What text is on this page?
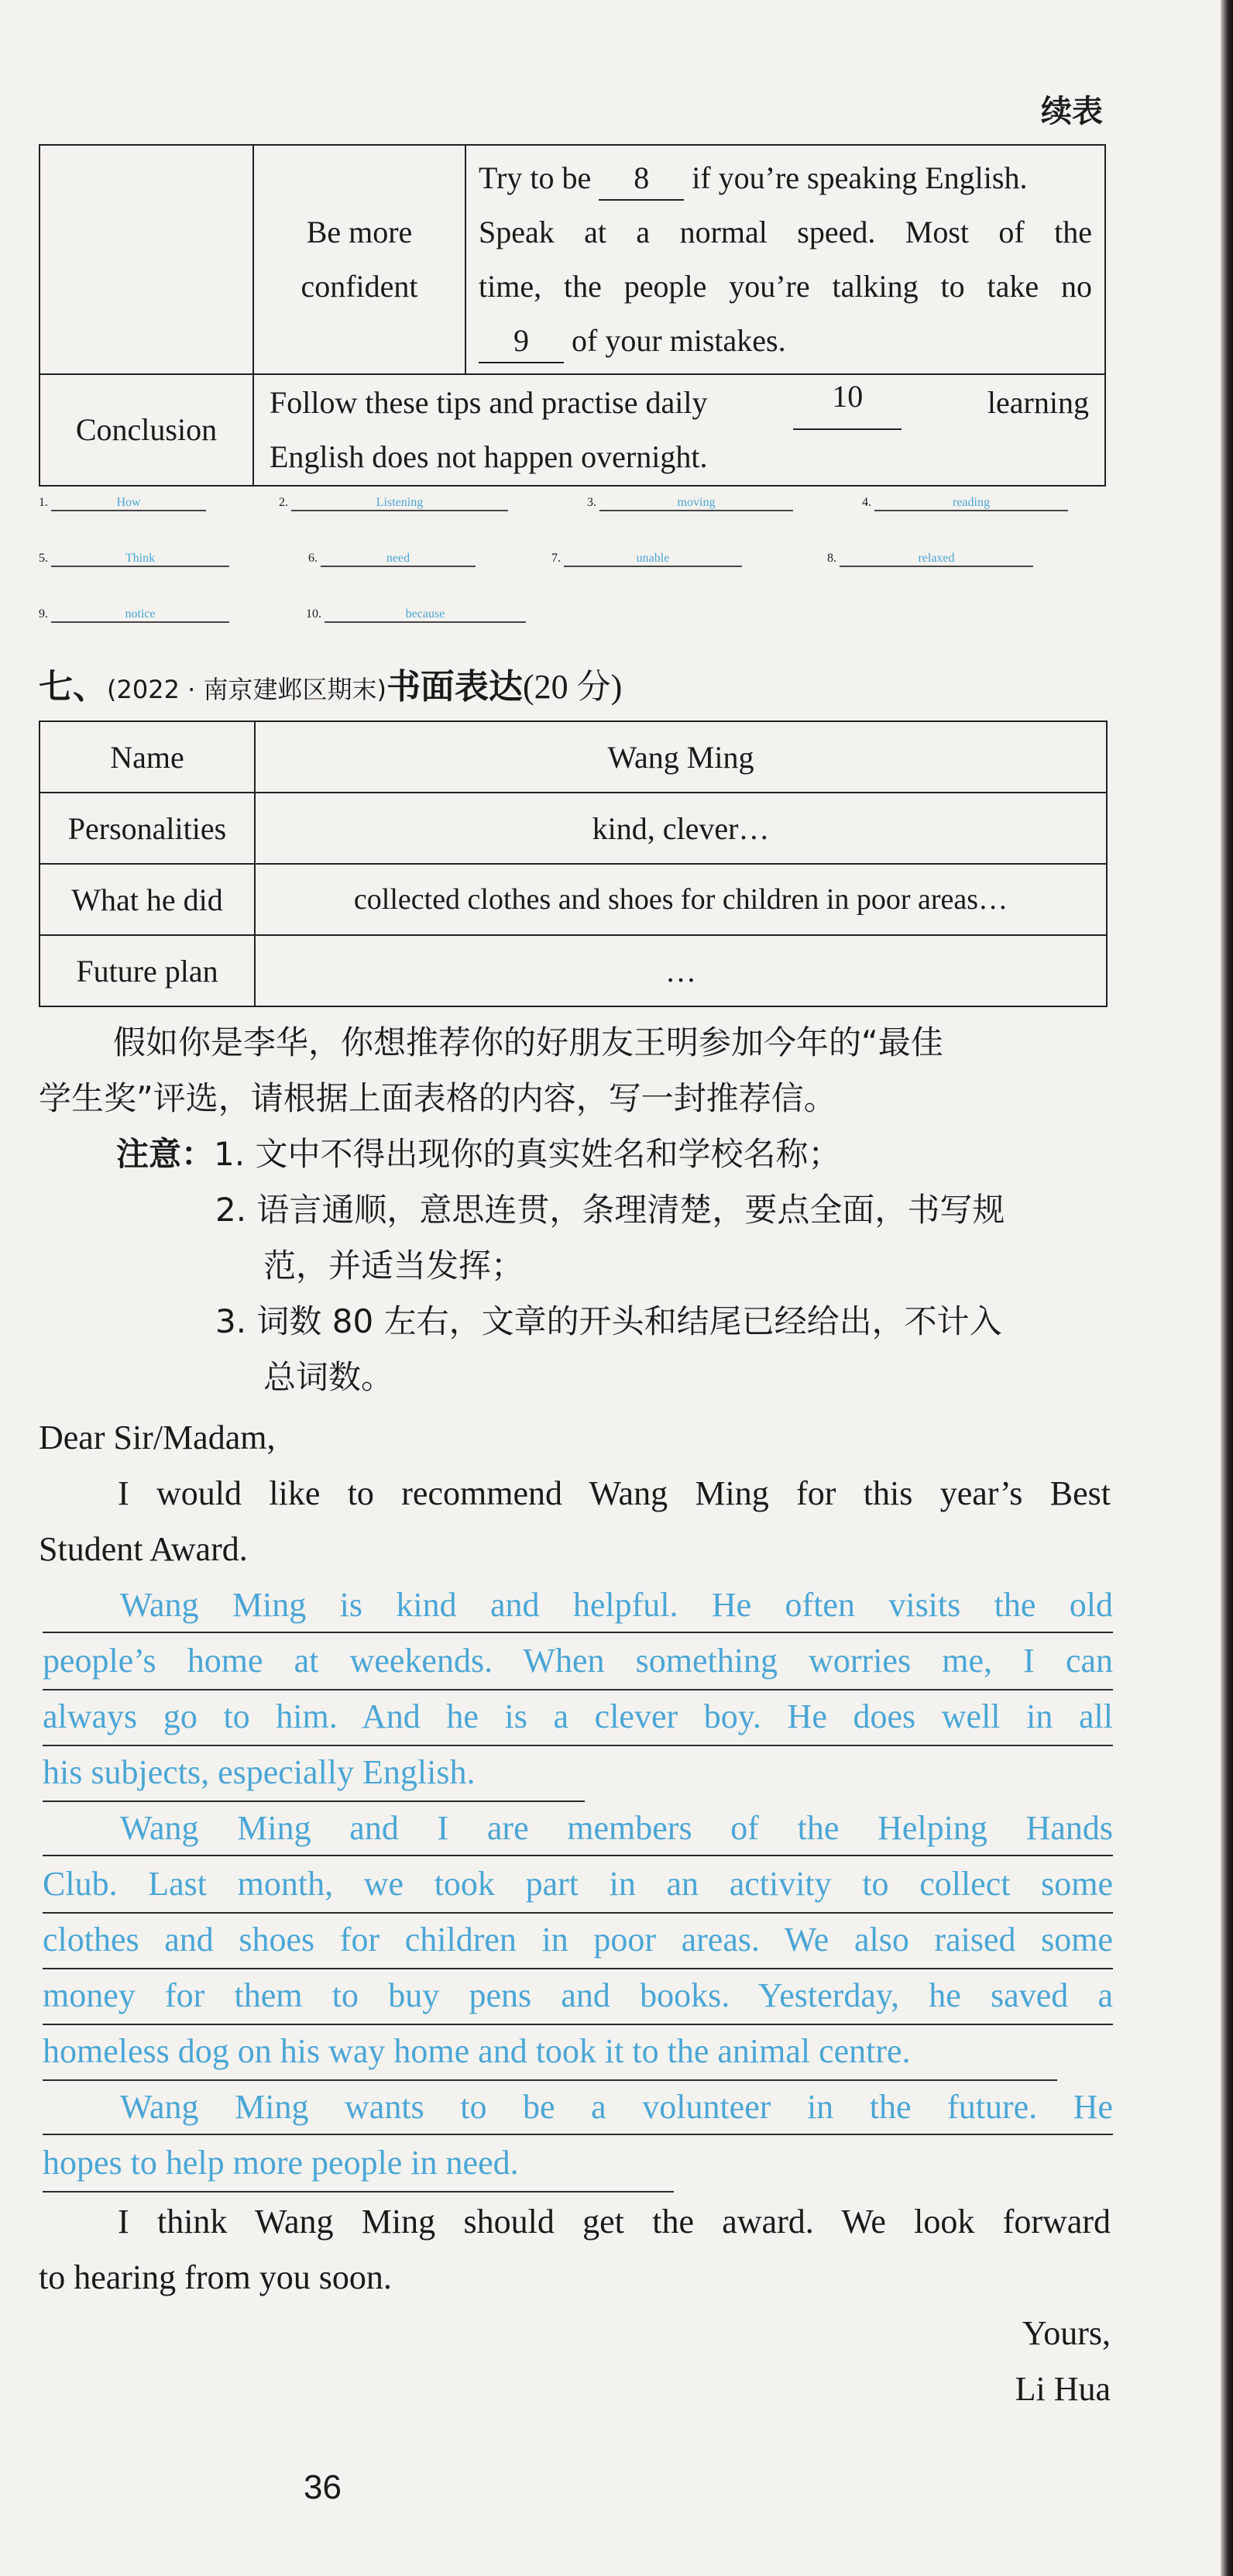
续表

	Be more confident	Try to be 8 if you’re speaking English.
Speak at a normal speed. Most of the
time, the people you’re talking to take no
9 of your mistakes.

Conclusion	Follow these tips and practise daily 10 learning
English does not happen overnight.	
1.	How	2.	Listening	3.	moving	4.	reading
5.	Think	6.	need	7.	unable	8.	relaxed
9.	notice	10.	because
七、(2022 · 南京建邺区期末)书面表达(20 分)
Name	Wang Ming
Personalities	kind, clever…
What he did	collected clothes and shoes for children in poor areas…
Future plan	…
假如你是李华，你想推荐你的好朋友王明参加今年的“最佳
学生奖”评选，请根据上面表格的内容，写一封推荐信。
注意：1. 文中不得出现你的真实姓名和学校名称；
2. 语言通顺，意思连贯，条理清楚，要点全面，书写规
范，并适当发挥；
3. 词数 80 左右，文章的开头和结尾已经给出，不计入
总词数。
Dear Sir/Madam,
I would like to recommend Wang Ming for this year’s Best
Student Award.
Wang Ming is kind and helpful. He often visits the old
people’s home at weekends. When something worries me, I can
always go to him. And he is a clever boy. He does well in all
his subjects, especially English.
Wang Ming and I are members of the Helping Hands
Club. Last month, we took part in an activity to collect some
clothes and shoes for children in poor areas. We also raised some
money for them to buy pens and books. Yesterday, he saved a
homeless dog on his way home and took it to the animal centre.
Wang Ming wants to be a volunteer in the future. He
hopes to help more people in need.
I think Wang Ming should get the award. We look forward
to hearing from you soon.
Yours,
Li Hua
36
